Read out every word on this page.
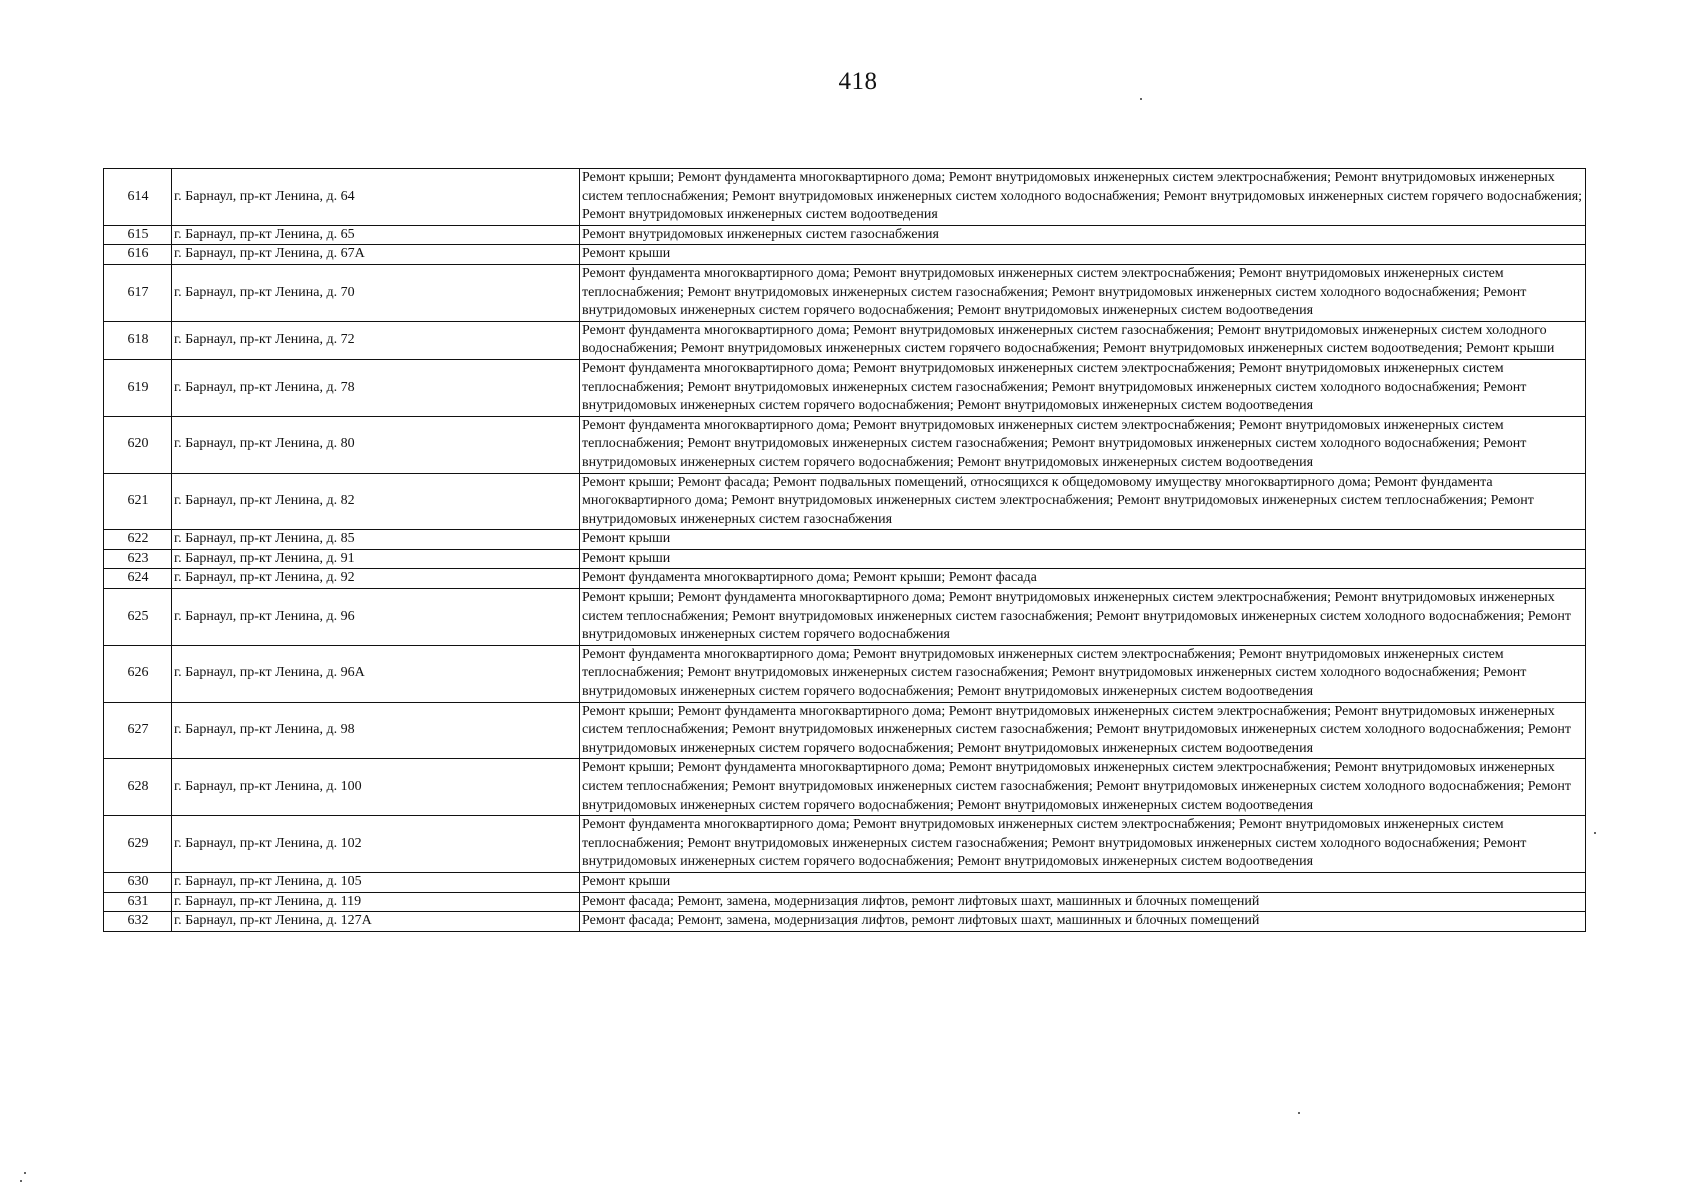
418
614	г. Барнаул, пр-кт Ленина, д. 64	Ремонт крыши; Ремонт фундамента многоквартирного дома; Ремонт внутридомовых инженерных систем электроснабжения; Ремонт внутридомовых инженерных систем теплоснабжения; Ремонт внутридомовых инженерных систем холодного водоснабжения; Ремонт внутридомовых инженерных систем горячего водоснабжения; Ремонт внутридомовых инженерных систем водоотведения
615	г. Барнаул, пр-кт Ленина, д. 65	Ремонт внутридомовых инженерных систем газоснабжения
616	г. Барнаул, пр-кт Ленина, д. 67А	Ремонт крыши
617	г. Барнаул, пр-кт Ленина, д. 70	Ремонт фундамента многоквартирного дома; Ремонт внутридомовых инженерных систем электроснабжения; Ремонт внутридомовых инженерных систем теплоснабжения; Ремонт внутридомовых инженерных систем газоснабжения; Ремонт внутридомовых инженерных систем холодного водоснабжения; Ремонт внутридомовых инженерных систем горячего водоснабжения; Ремонт внутридомовых инженерных систем водоотведения
618	г. Барнаул, пр-кт Ленина, д. 72	Ремонт фундамента многоквартирного дома; Ремонт внутридомовых инженерных систем газоснабжения; Ремонт внутридомовых инженерных систем холодного водоснабжения; Ремонт внутридомовых инженерных систем горячего водоснабжения; Ремонт внутридомовых инженерных систем водоотведения; Ремонт крыши
619	г. Барнаул, пр-кт Ленина, д. 78	Ремонт фундамента многоквартирного дома; Ремонт внутридомовых инженерных систем электроснабжения; Ремонт внутридомовых инженерных систем теплоснабжения; Ремонт внутридомовых инженерных систем газоснабжения; Ремонт внутридомовых инженерных систем холодного водоснабжения; Ремонт внутридомовых инженерных систем горячего водоснабжения; Ремонт внутридомовых инженерных систем водоотведения
620	г. Барнаул, пр-кт Ленина, д. 80	Ремонт фундамента многоквартирного дома; Ремонт внутридомовых инженерных систем электроснабжения; Ремонт внутридомовых инженерных систем теплоснабжения; Ремонт внутридомовых инженерных систем газоснабжения; Ремонт внутридомовых инженерных систем холодного водоснабжения; Ремонт внутридомовых инженерных систем горячего водоснабжения; Ремонт внутридомовых инженерных систем водоотведения
621	г. Барнаул, пр-кт Ленина, д. 82	Ремонт крыши; Ремонт фасада; Ремонт подвальных помещений, относящихся к общедомовому имуществу многоквартирного дома; Ремонт фундамента многоквартирного дома; Ремонт внутридомовых инженерных систем электроснабжения; Ремонт внутридомовых инженерных систем теплоснабжения; Ремонт внутридомовых инженерных систем газоснабжения
622	г. Барнаул, пр-кт Ленина, д. 85	Ремонт крыши
623	г. Барнаул, пр-кт Ленина, д. 91	Ремонт крыши
624	г. Барнаул, пр-кт Ленина, д. 92	Ремонт фундамента многоквартирного дома; Ремонт крыши; Ремонт фасада
625	г. Барнаул, пр-кт Ленина, д. 96	Ремонт крыши; Ремонт фундамента многоквартирного дома; Ремонт внутридомовых инженерных систем электроснабжения; Ремонт внутридомовых инженерных систем теплоснабжения; Ремонт внутридомовых инженерных систем газоснабжения; Ремонт внутридомовых инженерных систем холодного водоснабжения; Ремонт внутридомовых инженерных систем горячего водоснабжения
626	г. Барнаул, пр-кт Ленина, д. 96А	Ремонт фундамента многоквартирного дома; Ремонт внутридомовых инженерных систем электроснабжения; Ремонт внутридомовых инженерных систем теплоснабжения; Ремонт внутридомовых инженерных систем газоснабжения; Ремонт внутридомовых инженерных систем холодного водоснабжения; Ремонт внутридомовых инженерных систем горячего водоснабжения; Ремонт внутридомовых инженерных систем водоотведения
627	г. Барнаул, пр-кт Ленина, д. 98	Ремонт крыши; Ремонт фундамента многоквартирного дома; Ремонт внутридомовых инженерных систем электроснабжения; Ремонт внутридомовых инженерных систем теплоснабжения; Ремонт внутридомовых инженерных систем газоснабжения; Ремонт внутридомовых инженерных систем холодного водоснабжения; Ремонт внутридомовых инженерных систем горячего водоснабжения; Ремонт внутридомовых инженерных систем водоотведения
628	г. Барнаул, пр-кт Ленина, д. 100	Ремонт крыши; Ремонт фундамента многоквартирного дома; Ремонт внутридомовых инженерных систем электроснабжения; Ремонт внутридомовых инженерных систем теплоснабжения; Ремонт внутридомовых инженерных систем газоснабжения; Ремонт внутридомовых инженерных систем холодного водоснабжения; Ремонт внутридомовых инженерных систем горячего водоснабжения; Ремонт внутридомовых инженерных систем водоотведения
629	г. Барнаул, пр-кт Ленина, д. 102	Ремонт фундамента многоквартирного дома; Ремонт внутридомовых инженерных систем электроснабжения; Ремонт внутридомовых инженерных систем теплоснабжения; Ремонт внутридомовых инженерных систем газоснабжения; Ремонт внутридомовых инженерных систем холодного водоснабжения; Ремонт внутридомовых инженерных систем горячего водоснабжения; Ремонт внутридомовых инженерных систем водоотведения
630	г. Барнаул, пр-кт Ленина, д. 105	Ремонт крыши
631	г. Барнаул, пр-кт Ленина, д. 119	Ремонт фасада; Ремонт, замена, модернизация лифтов, ремонт лифтовых шахт, машинных и блочных помещений
632	г. Барнаул, пр-кт Ленина, д. 127А	Ремонт фасада; Ремонт, замена, модернизация лифтов, ремонт лифтовых шахт, машинных и блочных помещений
